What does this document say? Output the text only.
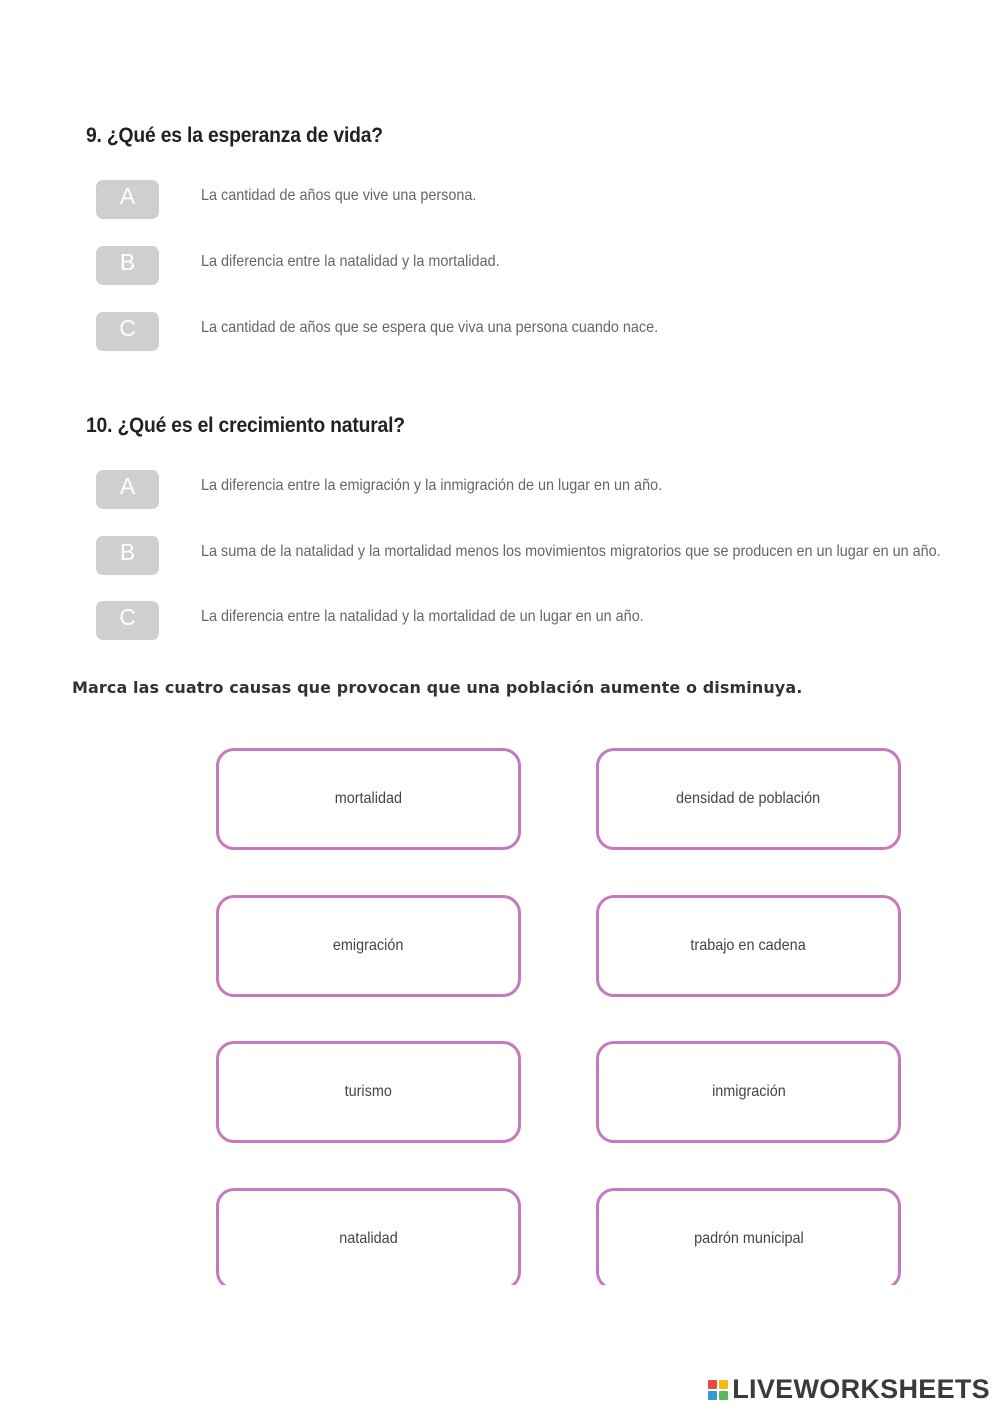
9. ¿Qué es la esperanza de vida?
A	La cantidad de años que vive una persona.
B	La diferencia entre la natalidad y la mortalidad.
C	La cantidad de años que se espera que viva una persona cuando nace.
10. ¿Qué es el crecimiento natural?
A	La diferencia entre la emigración y la inmigración de un lugar en un año.
B	La suma de la natalidad y la mortalidad menos los movimientos migratorios que se producen en un lugar en un año.
C	La diferencia entre la natalidad y la mortalidad de un lugar en un año.
Marca las cuatro causas que provocan que una población aumente o disminuya.
mortalidad	densidad de población
emigración	trabajo en cadena
turismo	inmigración
natalidad	padrón municipal
LIVEWORKSHEETS
